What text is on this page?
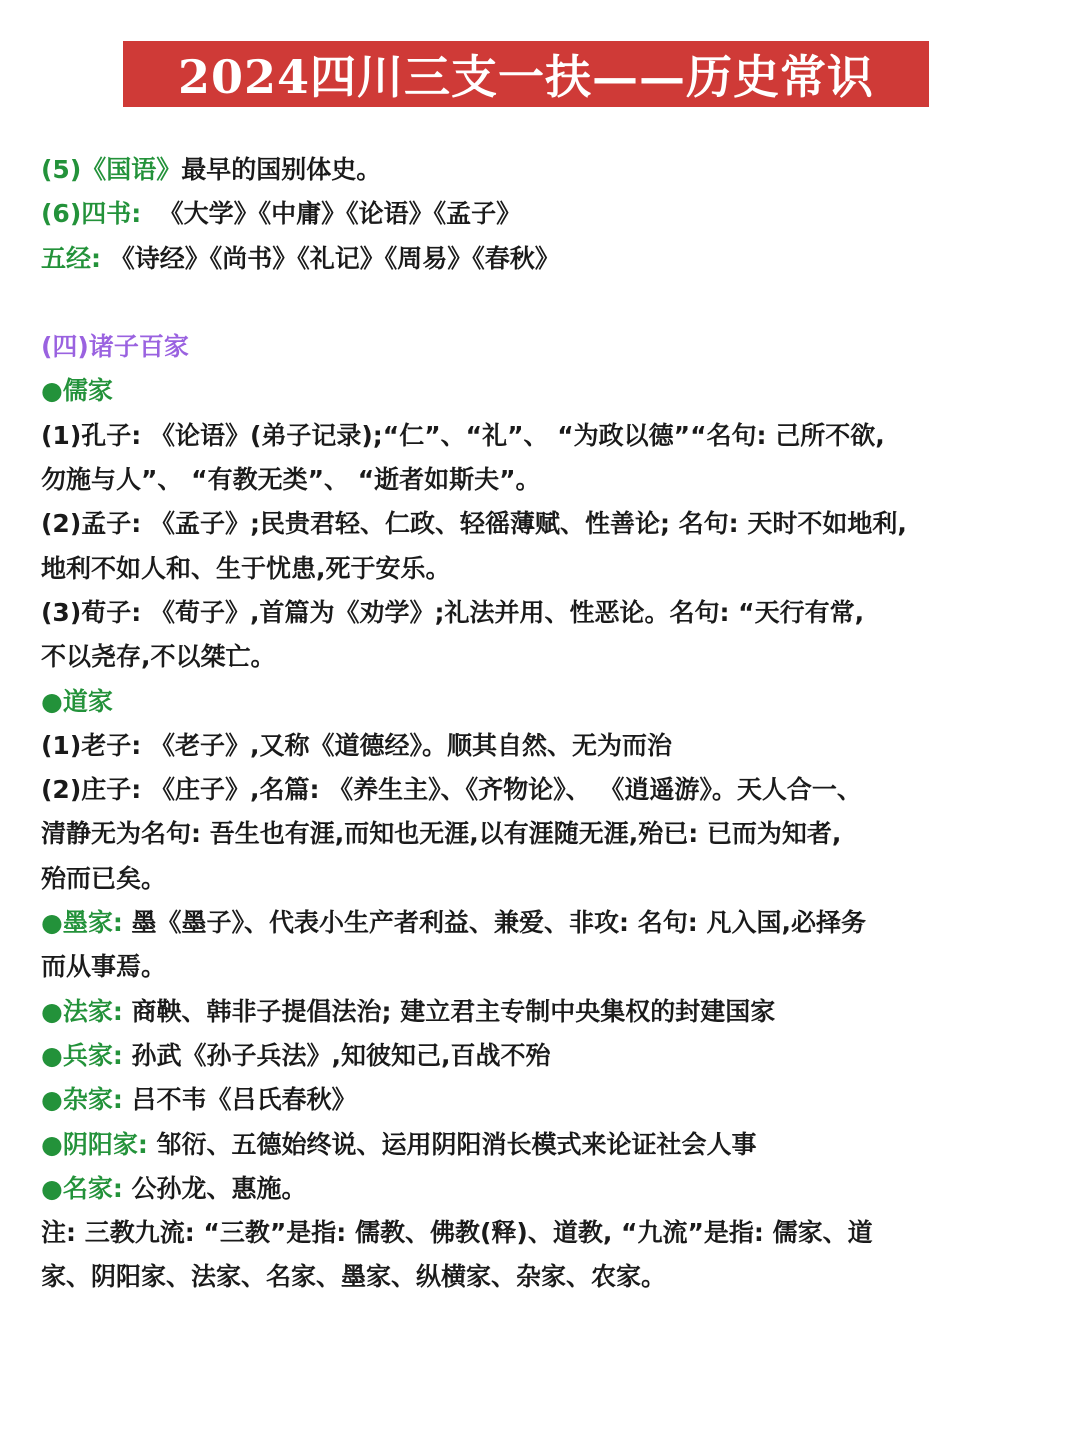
2024四川三支一扶——历史常识
(5)《国语》最早的国别体史。
(6)四书: 《大学》《中庸》《论语》《孟子》
五经: 《诗经》《尚书》《礼记》《周易》《春秋》
(四)诸子百家
●儒家
(1)孔子: 《论语》(弟子记录);“仁”、“礼”、 “为政以德”“名句: 己所不欲,
勿施与人”、 “有教无类”、 “逝者如斯夫”。
(2)孟子: 《孟子》;民贵君轻、仁政、轻徭薄赋、性善论; 名句: 天时不如地利,
地利不如人和、生于忧患,死于安乐。
(3)荀子: 《荀子》,首篇为《劝学》;礼法并用、性恶论。名句: “天行有常,
不以尧存,不以桀亡。
●道家
(1)老子: 《老子》,又称《道德经》。顺其自然、无为而治
(2)庄子: 《庄子》,名篇: 《养生主》、《齐物论》、 《逍遥游》。天人合一、
清静无为名句: 吾生也有涯,而知也无涯,以有涯随无涯,殆已: 已而为知者,
殆而已矣。
●墨家: 墨《墨子》、代表小生产者利益、兼爱、非攻: 名句: 凡入国,必择务
而从事焉。
●法家: 商鞅、韩非子提倡法治; 建立君主专制中央集权的封建国家
●兵家: 孙武《孙子兵法》,知彼知己,百战不殆
●杂家: 吕不韦《吕氏春秋》
●阴阳家: 邹衍、五德始终说、运用阴阳消长模式来论证社会人事
●名家: 公孙龙、惠施。
注: 三教九流: “三教”是指: 儒教、佛教(释)、道教, “九流”是指: 儒家、道
家、阴阳家、法家、名家、墨家、纵横家、杂家、农家。
